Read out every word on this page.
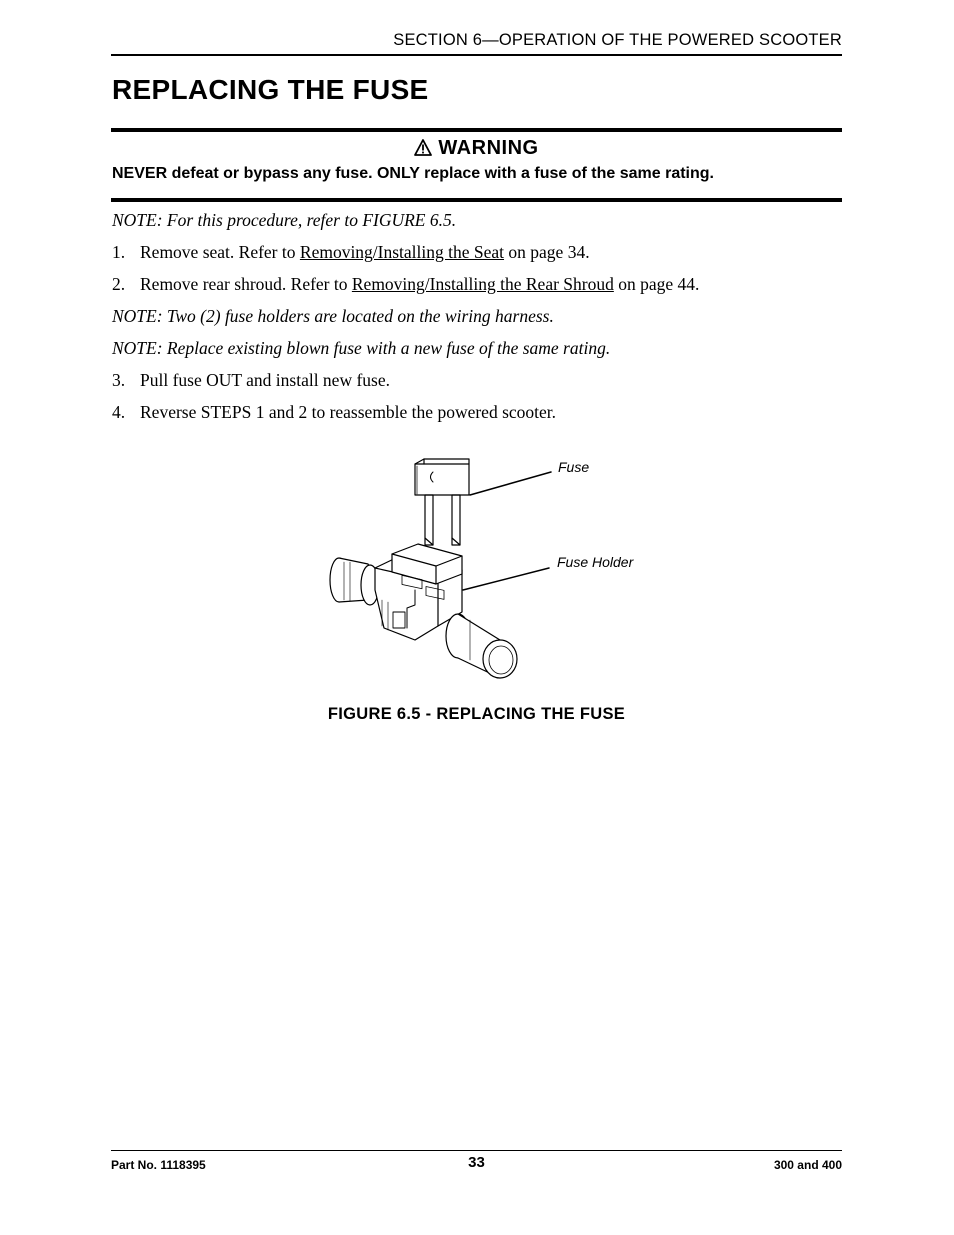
SECTION 6—OPERATION OF THE POWERED SCOOTER
REPLACING THE FUSE
WARNING
NEVER defeat or bypass any fuse. ONLY replace with a fuse of the same rating.
NOTE: For this procedure, refer to FIGURE 6.5.
1. Remove seat. Refer to Removing/Installing the Seat on page 34.
2. Remove rear shroud. Refer to Removing/Installing the Rear Shroud on page 44.
NOTE: Two (2) fuse holders are located on the wiring harness.
NOTE: Replace existing blown fuse with a new fuse of the same rating.
3. Pull fuse OUT and install new fuse.
4. Reverse STEPS 1 and 2 to reassemble the powered scooter.
Fuse
Fuse Holder
FIGURE 6.5 - REPLACING THE FUSE
Part No. 1118395	33	300 and 400
